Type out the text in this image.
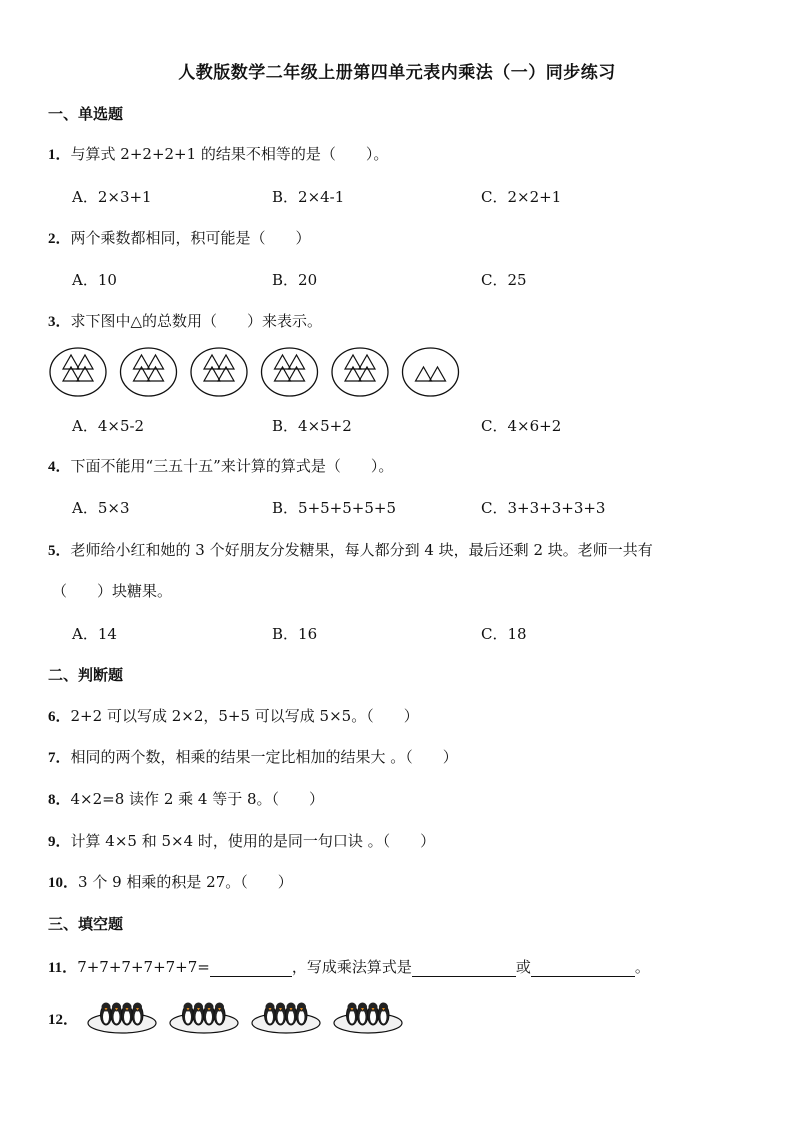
人教版数学二年级上册第四单元表内乘法（一）同步练习
一、单选题
1．与算式 2+2+2+1 的结果不相等的是（　　）。
A．2×3+1	B．2×4-1	C．2×2+1
2．两个乘数都相同，积可能是（　　）
A．10	B．20	C．25
3．求下图中△的总数用（　　）来表示。
A．4×5-2	B．4×5+2	C．4×6+2
4．下面不能用“三五十五”来计算的算式是（　　）。
A．5×3	B．5+5+5+5+5	C．3+3+3+3+3
5．老师给小红和她的 3 个好朋友分发糖果，每人都分到 4 块，最后还剩 2 块。老师一共有
（　　）块糖果。
A．14	B．16	C．18
二、判断题
6．2+2 可以写成 2×2，5+5 可以写成 5×5。（　　）
7．相同的两个数，相乘的结果一定比相加的结果大 。（　　）
8．4×2=8 读作 2 乘 4 等于 8。（　　）
9．计算 4×5 和 5×4 时，使用的是同一句口诀 。（　　）
10．3 个 9 相乘的积是 27。（　　）
三、填空题
11．7+7+7+7+7+7=	，写成乘法算式是	或	。
12．
